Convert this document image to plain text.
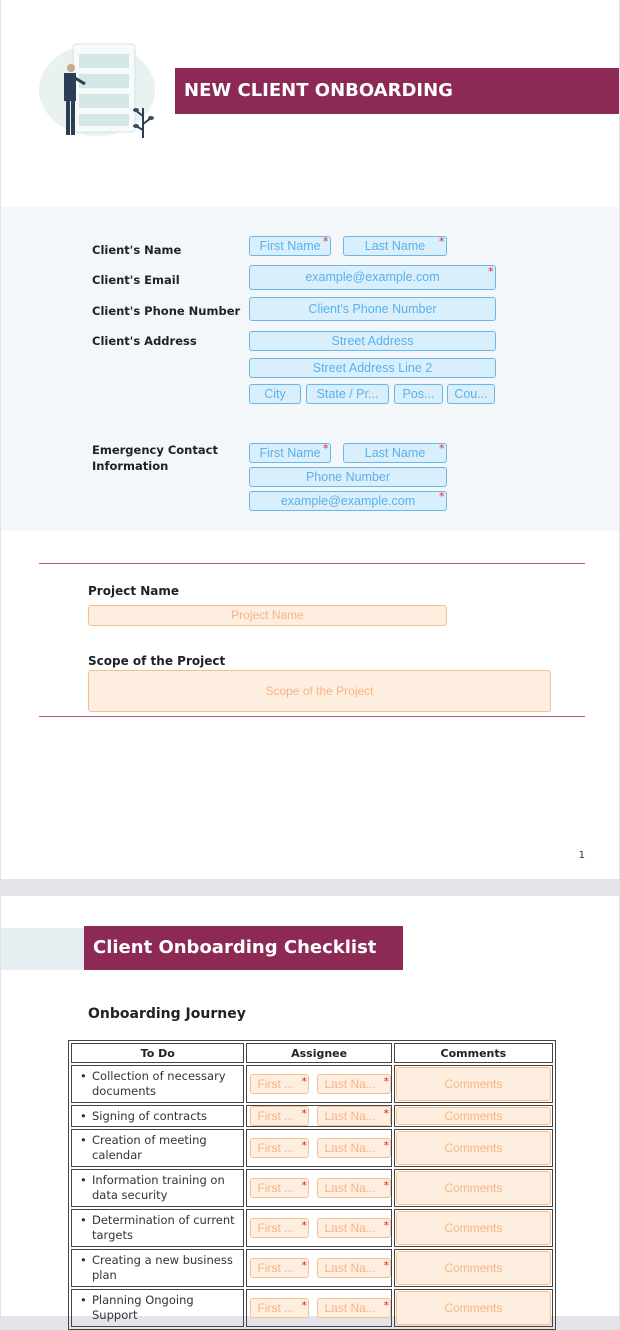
NEW CLIENT ONBOARDING
Client's Name	First Name *	Last Name	*
Client's Email	example@example.com	*
Client's Phone Number	Client's Phone Number
Client's Address	Street Address
Street Address Line 2
City	State / Pr...	Pos...	Cou...
Emergency Contact Information
First Name *	Last Name	*
Phone Number
example@example.com	*
Project Name
Project Name
Scope of the Project
Scope of the Project
1
Client Onboarding Checklist
Onboarding Journey
To Do	Assignee	Comments
• Collection of necessary documents	First ... * Last Na... *	Comments

• Signing of contracts	First ... * Last Na... *	Comments

• Creation of meeting calendar	First ... * Last Na... *	Comments

• Information training on data security	First ... * Last Na... *	Comments

• Determination of current targets	First ... * Last Na... *	Comments

• Creating a new business plan	First ... * Last Na... *	Comments

• Planning Ongoing Support	First ... * Last Na... *	Comments
